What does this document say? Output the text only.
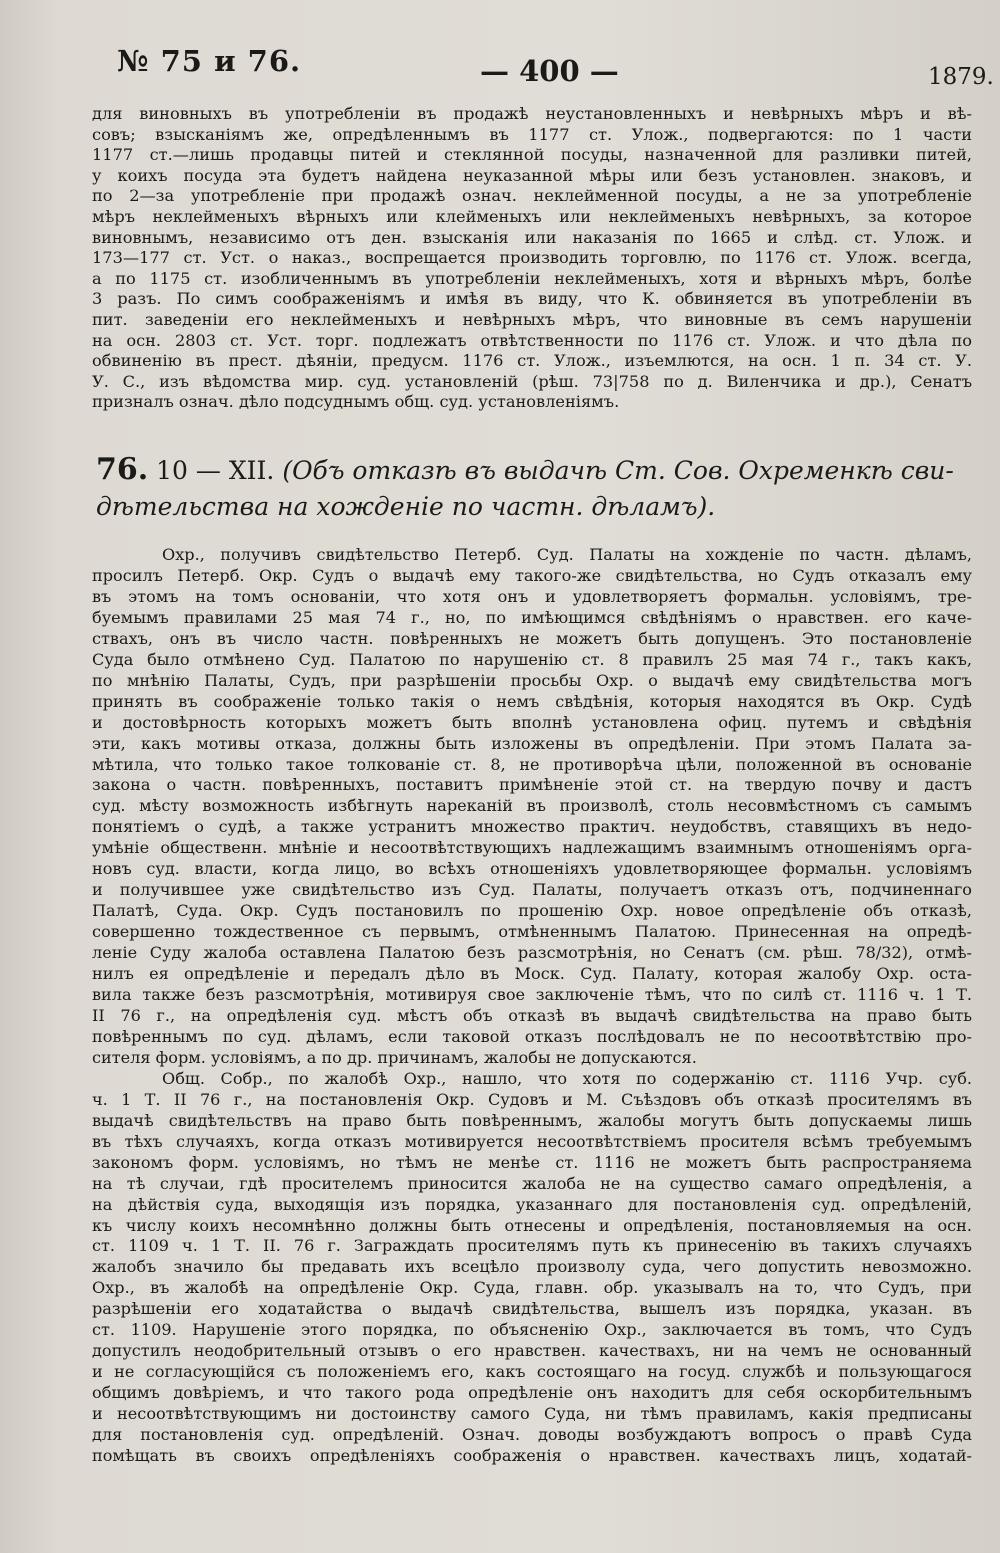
№ 75 и 76.	— 400 —	1879.
для виновныхъ въ употребленіи въ продажѣ неустановленныхъ и невѣрныхъ мѣръ и вѣ-
совъ; взысканіямъ же, опредѣленнымъ въ 1177 ст. Улож., подвергаются: по 1 части
1177 ст.—лишь продавцы питей и стеклянной посуды, назначенной для разливки питей,
у коихъ посуда эта будетъ найдена неуказанной мѣры или безъ установлен. знаковъ, и
по 2—за употребленіе при продажѣ означ. неклейменной посуды, а не за употребленіе
мѣръ неклейменыхъ вѣрныхъ или клейменыхъ или неклейменыхъ невѣрныхъ, за которое
виновнымъ, независимо отъ ден. взысканія или наказанія по 1665 и слѣд. ст. Улож. и
173—177 ст. Уст. о наказ., воспрещается производить торговлю, по 1176 ст. Улож. всегда,
а по 1175 ст. изобличеннымъ въ употребленіи неклейменыхъ, хотя и вѣрныхъ мѣръ, болѣе
3 разъ. По симъ соображеніямъ и имѣя въ виду, что К. обвиняется въ употребленіи въ
пит. заведеніи его неклейменыхъ и невѣрныхъ мѣръ, что виновные въ семъ нарушеніи
на осн. 2803 ст. Уст. торг. подлежатъ отвѣтственности по 1176 ст. Улож. и что дѣла по
обвиненію въ прест. дѣяніи, предусм. 1176 ст. Улож., изъемлются, на осн. 1 п. 34 ст. У.
У. С., изъ вѣдомства мир. суд. установленій (рѣш. 73|758 по д. Виленчика и др.), Сенатъ
призналъ означ. дѣло подсуднымъ общ. суд. установленіямъ.
76. 10 — XII. (Объ отказѣ въ выдачѣ Ст. Сов. Охременкѣ сви-
дѣтельства на хожденіе по частн. дѣламъ).
Охр., получивъ свидѣтельство Петерб. Суд. Палаты на хожденіе по частн. дѣламъ,
просилъ Петерб. Окр. Судъ о выдачѣ ему такого-же свидѣтельства, но Судъ отказалъ ему
въ этомъ на томъ основаніи, что хотя онъ и удовлетворяетъ формальн. условіямъ, тре-
буемымъ правилами 25 мая 74 г., но, по имѣющимся свѣдѣніямъ о нравствен. его каче-
ствахъ, онъ въ число частн. повѣренныхъ не можетъ быть допущенъ. Это постановленіе
Суда было отмѣнено Суд. Палатою по нарушенію ст. 8 правилъ 25 мая 74 г., такъ какъ,
по мнѣнію Палаты, Судъ, при разрѣшеніи просьбы Охр. о выдачѣ ему свидѣтельства могъ
принять въ соображеніе только такія о немъ свѣдѣнія, которыя находятся въ Окр. Судѣ
и достовѣрность которыхъ можетъ быть вполнѣ установлена офиц. путемъ и свѣдѣнія
эти, какъ мотивы отказа, должны быть изложены въ опредѣленіи. При этомъ Палата за-
мѣтила, что только такое толкованіе ст. 8, не противорѣча цѣли, положенной въ основаніе
закона о частн. повѣренныхъ, поставитъ примѣненіе этой ст. на твердую почву и дастъ
суд. мѣсту возможность избѣгнуть нареканій въ произволѣ, столь несовмѣстномъ съ самымъ
понятіемъ о судѣ, а также устранитъ множество практич. неудобствъ, ставящихъ въ недо-
умѣніе общественн. мнѣніе и несоотвѣтствующихъ надлежащимъ взаимнымъ отношеніямъ орга-
новъ суд. власти, когда лицо, во всѣхъ отношеніяхъ удовлетворяющее формальн. условіямъ
и получившее уже свидѣтельство изъ Суд. Палаты, получаетъ отказъ отъ, подчиненнаго
Палатѣ, Суда. Окр. Судъ постановилъ по прошенію Охр. новое опредѣленіе объ отказѣ,
совершенно тождественное съ первымъ, отмѣненнымъ Палатою. Принесенная на опредѣ-
леніе Суду жалоба оставлена Палатою безъ разсмотрѣнія, но Сенатъ (см. рѣш. 78/32), отмѣ-
нилъ ея опредѣленіе и передалъ дѣло въ Моск. Суд. Палату, которая жалобу Охр. оста-
вила также безъ разсмотрѣнія, мотивируя свое заключеніе тѣмъ, что по силѣ ст. 1116 ч. 1 Т.
II 76 г., на опредѣленія суд. мѣстъ объ отказѣ въ выдачѣ свидѣтельства на право быть
повѣреннымъ по суд. дѣламъ, если таковой отказъ послѣдовалъ не по несоотвѣтствію про-
сителя форм. условіямъ, а по др. причинамъ, жалобы не допускаются.
Общ. Собр., по жалобѣ Охр., нашло, что хотя по содержанію ст. 1116 Учр. суб.
ч. 1 Т. II 76 г., на постановленія Окр. Судовъ и М. Съѣздовъ объ отказѣ просителямъ въ
выдачѣ свидѣтельствъ на право быть повѣреннымъ, жалобы могутъ быть допускаемы лишь
въ тѣхъ случаяхъ, когда отказъ мотивируется несоотвѣтствіемъ просителя всѣмъ требуемымъ
закономъ форм. условіямъ, но тѣмъ не менѣе ст. 1116 не можетъ быть распространяема
на тѣ случаи, гдѣ просителемъ приносится жалоба не на существо самаго опредѣленія, а
на дѣйствія суда, выходящія изъ порядка, указаннаго для постановленія суд. опредѣленій,
къ числу коихъ несомнѣнно должны быть отнесены и опредѣленія, постановляемыя на осн.
ст. 1109 ч. 1 Т. II. 76 г. Заграждать просителямъ путь къ принесенію въ такихъ случаяхъ
жалобъ значило бы предавать ихъ всецѣло произволу суда, чего допустить невозможно.
Охр., въ жалобѣ на опредѣленіе Окр. Суда, главн. обр. указывалъ на то, что Судъ, при
разрѣшеніи его ходатайства о выдачѣ свидѣтельства, вышелъ изъ порядка, указан. въ
ст. 1109. Нарушеніе этого порядка, по объясненію Охр., заключается въ томъ, что Судъ
допустилъ неодобрительный отзывъ о его нравствен. качествахъ, ни на чемъ не основанный
и не согласующійся съ положеніемъ его, какъ состоящаго на госуд. службѣ и пользующагося
общимъ довѣріемъ, и что такого рода опредѣленіе онъ находитъ для себя оскорбительнымъ
и несоотвѣтствующимъ ни достоинству самого Суда, ни тѣмъ правиламъ, какія предписаны
для постановленія суд. опредѣленій. Означ. доводы возбуждаютъ вопросъ о правѣ Суда
помѣщать въ своихъ опредѣленіяхъ соображенія о нравствен. качествахъ лицъ, ходатай-
